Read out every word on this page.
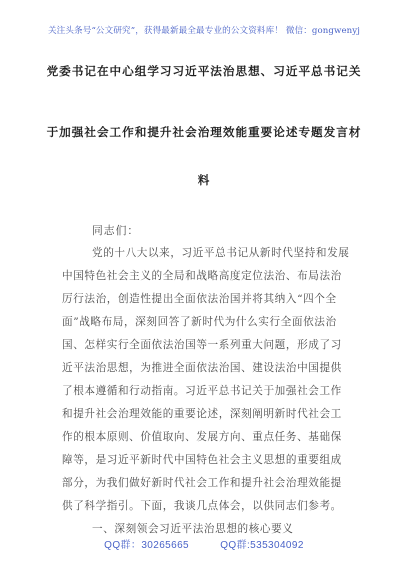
关注头条号“公文研究”，获得最新最全最专业的公文资料库！ 微信：gongwenyj
党委书记在中心组学习习近平法治思想、习近平总书记关
于加强社会工作和提升社会治理效能重要论述专题发言材
料
同志们：
党的十八大以来，习近平总书记从新时代坚持和发展
中国特色社会主义的全局和战略高度定位法治、布局法治
厉行法治，创造性提出全面依法治国并将其纳入“四个全
面”战略布局，深刻回答了新时代为什么实行全面依法治
国、怎样实行全面依法治国等一系列重大问题，形成了习
近平法治思想，为推进全面依法治国、建设法治中国提供
了根本遵循和行动指南。习近平总书记关于加强社会工作
和提升社会治理效能的重要论述，深刻阐明新时代社会工
作的根本原则、价值取向、发展方向、重点任务、基础保
障等，是习近平新时代中国特色社会主义思想的重要组成
部分，为我们做好新时代社会工作和提升社会治理效能提
供了科学指引。下面，我谈几点体会，以供同志们参考。
一、深刻领会习近平法治思想的核心要义
QQ群：30265665	QQ群:535304092
